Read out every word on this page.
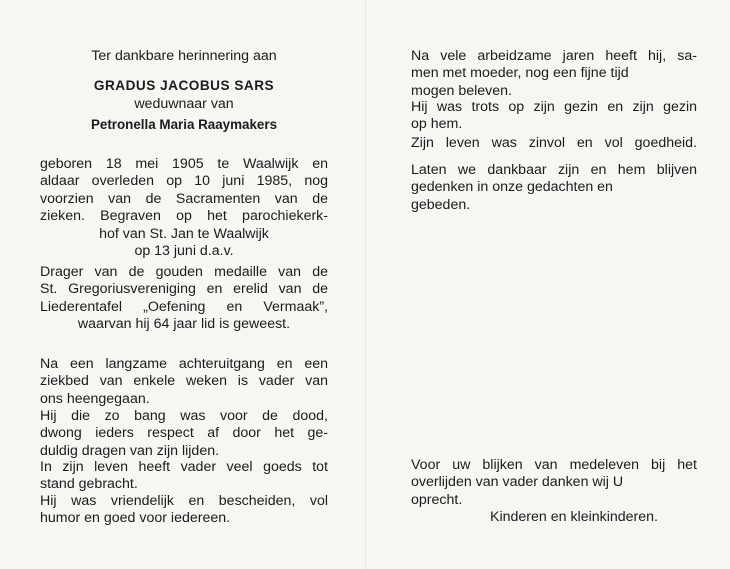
Ter dankbare herinnering aan
GRADUS JACOBUS SARS
weduwnaar van
Petronella Maria Raaymakers
geboren 18 mei 1905 te Waalwijk en
aldaar overleden op 10 juni 1985, nog
voorzien van de Sacramenten van de
zieken. Begraven op het parochiekerk-
hof van St. Jan te Waalwijk
op 13 juni d.a.v.
Drager van de gouden medaille van de
St. Gregoriusvereniging en erelid van de
Liederentafel „Oefening en Vermaak”,
waarvan hij 64 jaar lid is geweest.
Na een langzame achteruitgang en een
ziekbed van enkele weken is vader van
ons heengegaan.
Hij die zo bang was voor de dood,
dwong ieders respect af door het ge-
duldig dragen van zijn lijden.
In zijn leven heeft vader veel goeds tot
stand gebracht.
Hij was vriendelijk en bescheiden, vol
humor en goed voor iedereen.
Na vele arbeidzame jaren heeft hij, sa-
men met moeder, nog een fijne tijd
mogen beleven.
Hij was trots op zijn gezin en zijn gezin
op hem.
Zijn leven was zinvol en vol goedheid.
Laten we dankbaar zijn en hem blijven
gedenken in onze gedachten en
gebeden.
Voor uw blijken van medeleven bij het
overlijden van vader danken wij U
oprecht.
Kinderen en kleinkinderen.
